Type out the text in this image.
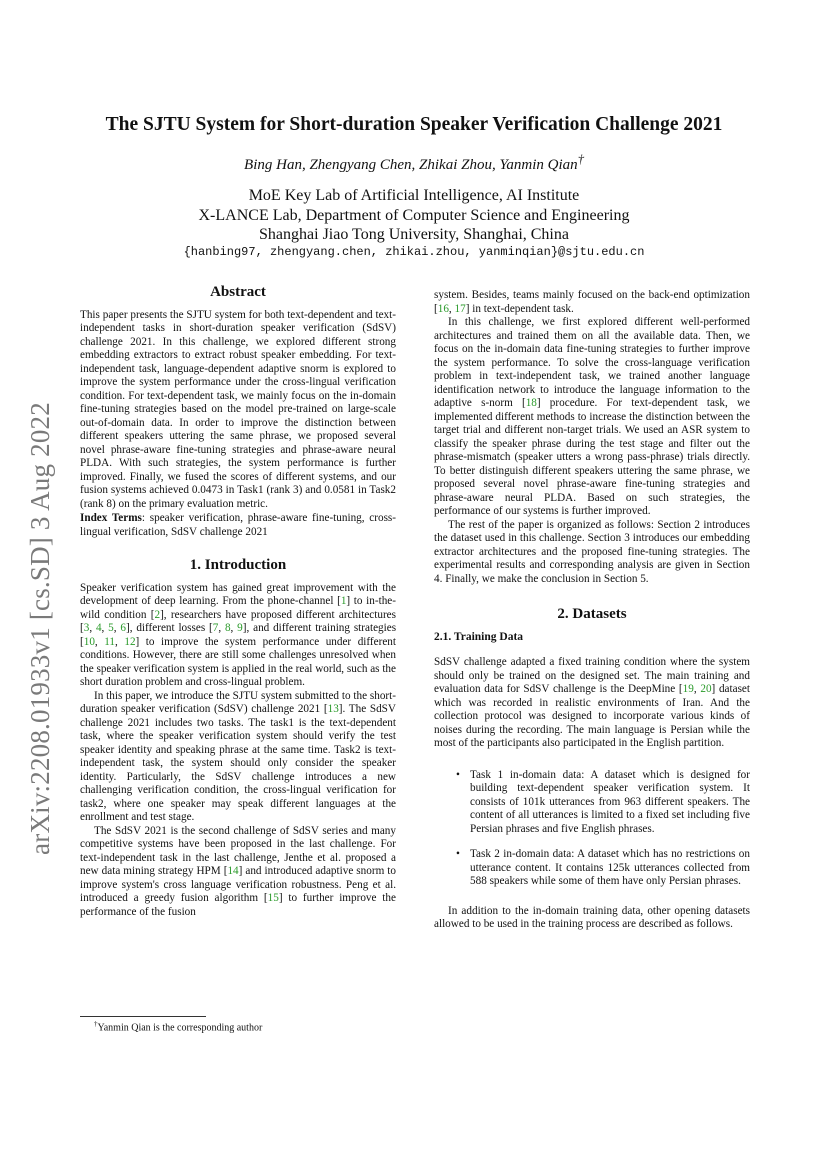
arXiv:2208.01933v1 [cs.SD] 3 Aug 2022
The SJTU System for Short-duration Speaker Verification Challenge 2021
Bing Han, Zhengyang Chen, Zhikai Zhou, Yanmin Qian†
MoE Key Lab of Artificial Intelligence, AI Institute
X-LANCE Lab, Department of Computer Science and Engineering
Shanghai Jiao Tong University, Shanghai, China
{hanbing97, zhengyang.chen, zhikai.zhou, yanminqian}@sjtu.edu.cn
Abstract

This paper presents the SJTU system for both text-dependent and text-independent tasks in short-duration speaker verification (SdSV) challenge 2021. In this challenge, we explored different strong embedding extractors to extract robust speaker embedding. For text-independent task, language-dependent adaptive snorm is explored to improve the system performance under the cross-lingual verification condition. For text-dependent task, we mainly focus on the in-domain fine-tuning strategies based on the model pre-trained on large-scale out-of-domain data. In order to improve the distinction between different speakers uttering the same phrase, we proposed several novel phrase-aware fine-tuning strategies and phrase-aware neural PLDA. With such strategies, the system performance is further improved. Finally, we fused the scores of different systems, and our fusion systems achieved 0.0473 in Task1 (rank 3) and 0.0581 in Task2 (rank 8) on the primary evaluation metric.

Index Terms: speaker verification, phrase-aware fine-tuning, cross-lingual verification, SdSV challenge 2021

1. Introduction

Speaker verification system has gained great improvement with the development of deep learning. From the phone-channel [1] to in-the-wild condition [2], researchers have proposed different architectures [3, 4, 5, 6], different losses [7, 8, 9], and different training strategies [10, 11, 12] to improve the system performance under different conditions. However, there are still some challenges unresolved when the speaker verification system is applied in the real world, such as the short duration problem and cross-lingual problem.

In this paper, we introduce the SJTU system submitted to the short-duration speaker verification (SdSV) challenge 2021 [13]. The SdSV challenge 2021 includes two tasks. The task1 is the text-dependent task, where the speaker verification system should verify the test speaker identity and speaking phrase at the same time. Task2 is text-independent task, the system should only consider the speaker identity. Particularly, the SdSV challenge introduces a new challenging verification condition, the cross-lingual verification for task2, where one speaker may speak different languages at the enrollment and test stage.

The SdSV 2021 is the second challenge of SdSV series and many competitive systems have been proposed in the last challenge. For text-independent task in the last challenge, Jenthe et al. proposed a new data mining strategy HPM [14] and introduced adaptive snorm to improve system's cross language verification robustness. Peng et al. introduced a greedy fusion algorithm [15] to further improve the performance of the fusion

system. Besides, teams mainly focused on the back-end optimization [16, 17] in text-dependent task.

In this challenge, we first explored different well-performed architectures and trained them on all the available data. Then, we focus on the in-domain data fine-tuning strategies to further improve the system performance. To solve the cross-language verification problem in text-independent task, we trained another language identification network to introduce the language information to the adaptive s-norm [18] procedure. For text-dependent task, we implemented different methods to increase the distinction between the target trial and different non-target trials. We used an ASR system to classify the speaker phrase during the test stage and filter out the phrase-mismatch (speaker utters a wrong pass-phrase) trials directly. To better distinguish different speakers uttering the same phrase, we proposed several novel phrase-aware fine-tuning strategies and phrase-aware neural PLDA. Based on such strategies, the performance of our systems is further improved.

The rest of the paper is organized as follows: Section 2 introduces the dataset used in this challenge. Section 3 introduces our embedding extractor architectures and the proposed fine-tuning strategies. The experimental results and corresponding analysis are given in Section 4. Finally, we make the conclusion in Section 5.

2. Datasets
2.1. Training Data

SdSV challenge adapted a fixed training condition where the system should only be trained on the designed set. The main training and evaluation data for SdSV challenge is the DeepMine [19, 20] dataset which was recorded in realistic environments of Iran. And the collection protocol was designed to incorporate various kinds of noises during the recording. The main language is Persian while the most of the participants also participated in the English partition.

• Task 1 in-domain data: A dataset which is designed for building text-dependent speaker verification system. It consists of 101k utterances from 963 different speakers. The content of all utterances is limited to a fixed set including five Persian phrases and five English phrases.
• Task 2 in-domain data: A dataset which has no restrictions on utterance content. It contains 125k utterances collected from 588 speakers while some of them have only Persian phrases.

In addition to the in-domain training data, other opening datasets allowed to be used in the training process are described as follows.

†Yanmin Qian is the corresponding author
